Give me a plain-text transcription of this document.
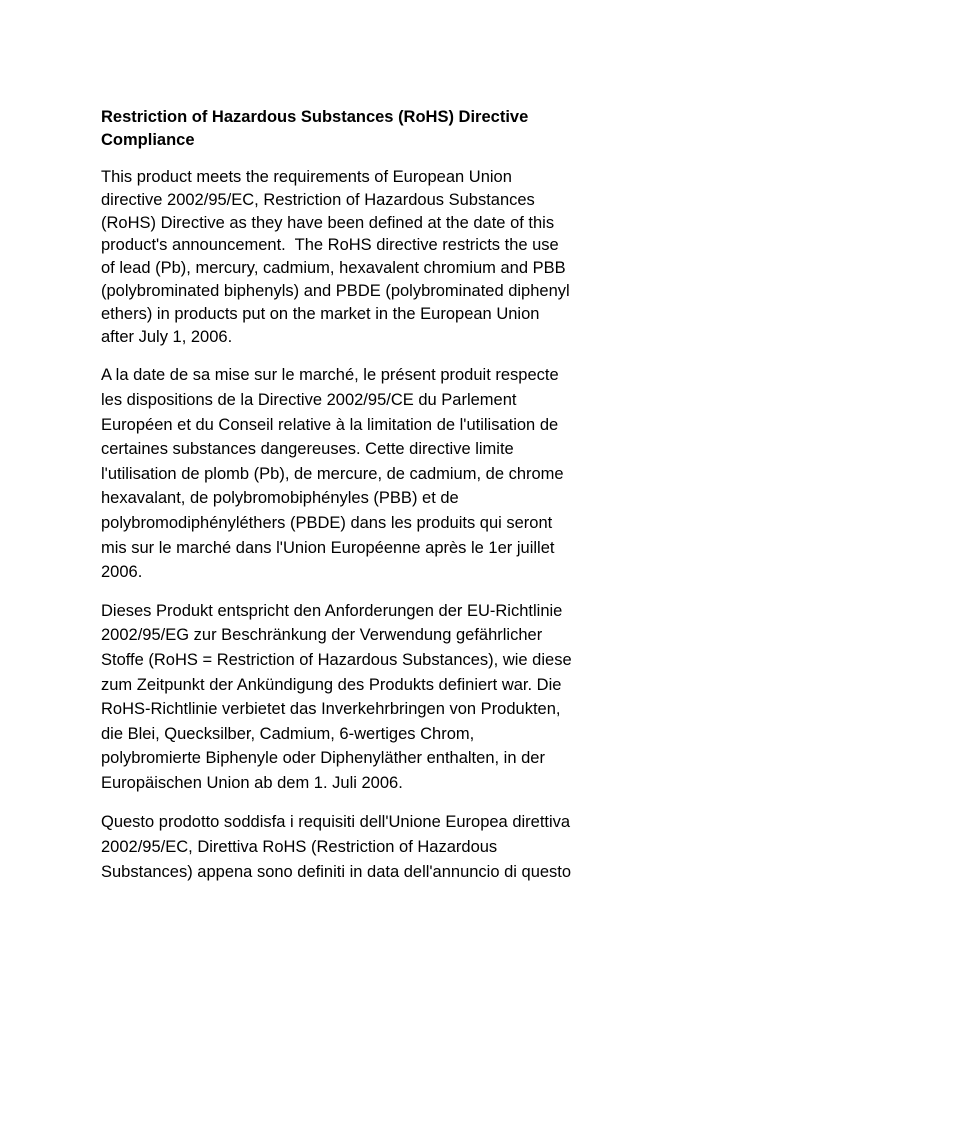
Restriction of Hazardous Substances (RoHS) Directive
Compliance

This product meets the requirements of European Union
directive 2002/95/EC, Restriction of Hazardous Substances
(RoHS) Directive as they have been defined at the date of this
product's announcement.  The RoHS directive restricts the use
of lead (Pb), mercury, cadmium, hexavalent chromium and PBB
(polybrominated biphenyls) and PBDE (polybrominated diphenyl
ethers) in products put on the market in the European Union
after July 1, 2006.

A la date de sa mise sur le marché, le présent produit respecte
les dispositions de la Directive 2002/95/CE du Parlement
Européen et du Conseil relative à la limitation de l'utilisation de
certaines substances dangereuses. Cette directive limite
l'utilisation de plomb (Pb), de mercure, de cadmium, de chrome
hexavalant, de polybromobiphényles (PBB) et de
polybromodiphényléthers (PBDE) dans les produits qui seront
mis sur le marché dans l'Union Européenne après le 1er juillet
2006.

Dieses Produkt entspricht den Anforderungen der EU-Richtlinie
2002/95/EG zur Beschränkung der Verwendung gefährlicher
Stoffe (RoHS = Restriction of Hazardous Substances), wie diese
zum Zeitpunkt der Ankündigung des Produkts definiert war. Die
RoHS-Richtlinie verbietet das Inverkehrbringen von Produkten,
die Blei, Quecksilber, Cadmium, 6-wertiges Chrom,
polybromierte Biphenyle oder Diphenyläther enthalten, in der
Europäischen Union ab dem 1. Juli 2006.

Questo prodotto soddisfa i requisiti dell'Unione Europea direttiva
2002/95/EC, Direttiva RoHS (Restriction of Hazardous
Substances) appena sono definiti in data dell'annuncio di questo
